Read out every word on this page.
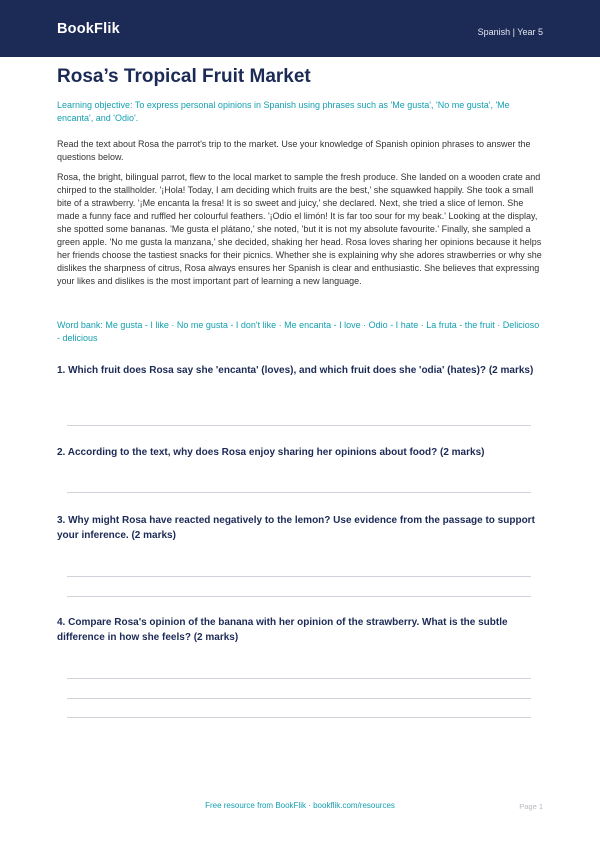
BookFlik	Spanish | Year 5
Rosa’s Tropical Fruit Market
Learning objective: To express personal opinions in Spanish using phrases such as 'Me gusta', 'No me gusta', 'Me encanta', and 'Odio'.
Read the text about Rosa the parrot's trip to the market. Use your knowledge of Spanish opinion phrases to answer the questions below.
Rosa, the bright, bilingual parrot, flew to the local market to sample the fresh produce. She landed on a wooden crate and chirped to the stallholder. '¡Hola! Today, I am deciding which fruits are the best,' she squawked happily. She took a small bite of a strawberry. '¡Me encanta la fresa! It is so sweet and juicy,' she declared. Next, she tried a slice of lemon. She made a funny face and ruffled her colourful feathers. '¡Odio el limón! It is far too sour for my beak.' Looking at the display, she spotted some bananas. 'Me gusta el plátano,' she noted, 'but it is not my absolute favourite.' Finally, she sampled a green apple. 'No me gusta la manzana,' she decided, shaking her head. Rosa loves sharing her opinions because it helps her friends choose the tastiest snacks for their picnics. Whether she is explaining why she adores strawberries or why she dislikes the sharpness of citrus, Rosa always ensures her Spanish is clear and enthusiastic. She believes that expressing your likes and dislikes is the most important part of learning a new language.
Word bank: Me gusta - I like · No me gusta - I don't like · Me encanta - I love · Odio - I hate · La fruta - the fruit · Delicioso - delicious
1. Which fruit does Rosa say she 'encanta' (loves), and which fruit does she 'odia' (hates)? (2 marks)
2. According to the text, why does Rosa enjoy sharing her opinions about food? (2 marks)
3. Why might Rosa have reacted negatively to the lemon? Use evidence from the passage to support your inference. (2 marks)
4. Compare Rosa's opinion of the banana with her opinion of the strawberry. What is the subtle difference in how she feels? (2 marks)
Free resource from BookFlik · bookflik.com/resources	Page 1
